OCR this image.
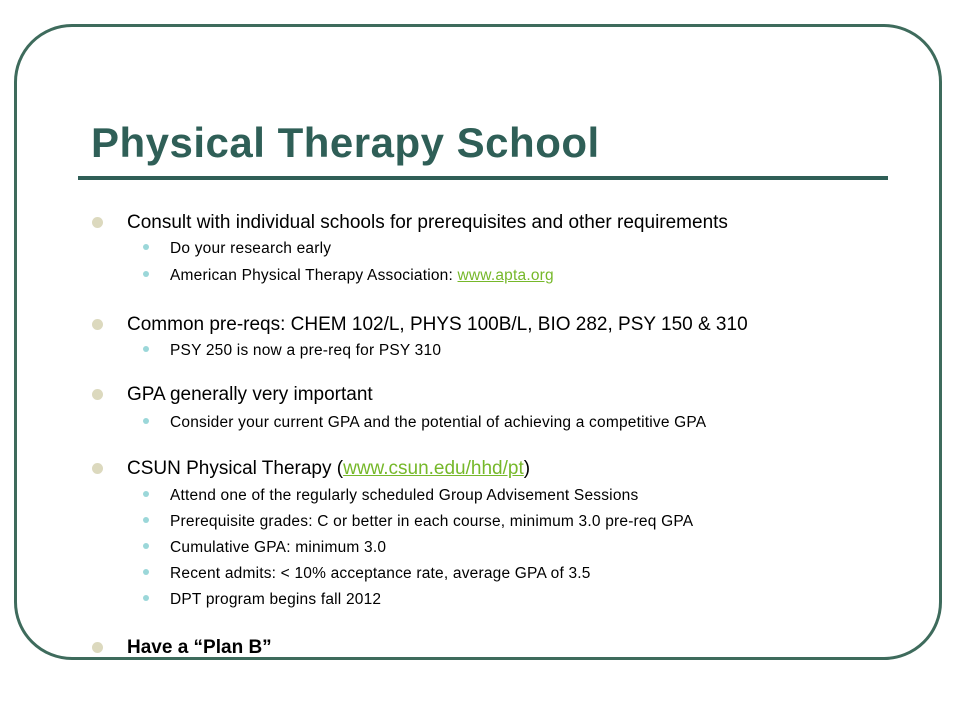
Physical Therapy School
Consult with individual schools for prerequisites and other requirements
Do your research early
American Physical Therapy Association: www.apta.org
Common pre-reqs: CHEM 102/L, PHYS 100B/L, BIO 282, PSY 150 & 310
PSY 250 is now a pre-req for PSY 310
GPA generally very important
Consider your current GPA and the potential of achieving a competitive GPA
CSUN Physical Therapy (www.csun.edu/hhd/pt)
Attend one of the regularly scheduled Group Advisement Sessions
Prerequisite grades: C or better in each course, minimum 3.0 pre-req GPA
Cumulative GPA: minimum 3.0
Recent admits: < 10% acceptance rate, average GPA of 3.5
DPT program begins fall 2012
Have a “Plan B”
